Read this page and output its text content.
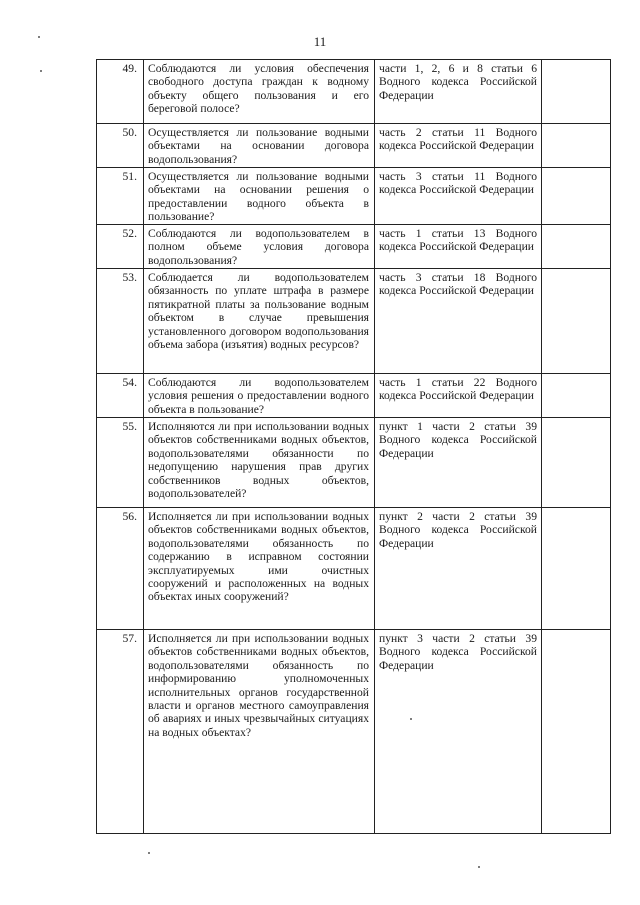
11
49. Соблюдаются ли условия обеспечения свободного доступа граждан к водному объекту общего пользования и его береговой полосе?
части 1, 2, 6 и 8 статьи 6 Водного кодекса Российской Федерации
50. Осуществляется ли пользование водными объектами на основании договора водопользования?
часть 2 статьи 11 Водного кодекса Российской Федерации
51. Осуществляется ли пользование водными объектами на основании решения о предоставлении водного объекта в пользование?
часть 3 статьи 11 Водного кодекса Российской Федерации
52. Соблюдаются ли водопользователем в полном объеме условия договора водопользования?
часть 1 статьи 13 Водного кодекса Российской Федерации
53. Соблюдается ли водопользователем обязанность по уплате штрафа в размере пятикратной платы за пользование водным объектом в случае превышения установленного договором водопользования объема забора (изъятия) водных ресурсов?
часть 3 статьи 18 Водного кодекса Российской Федерации
54. Соблюдаются ли водопользователем условия решения о предоставлении водного объекта в пользование?
часть 1 статьи 22 Водного кодекса Российской Федерации
55. Исполняются ли при использовании водных объектов собственниками водных объектов, водопользователями обязанности по недопущению нарушения прав других собственников водных объектов, водопользователей?
пункт 1 части 2 статьи 39 Водного кодекса Российской Федерации
56. Исполняется ли при использовании водных объектов собственниками водных объектов, водопользователями обязанность по содержанию в исправном состоянии эксплуатируемых ими очистных сооружений и расположенных на водных объектах иных сооружений?
пункт 2 части 2 статьи 39 Водного кодекса Российской Федерации
57. Исполняется ли при использовании водных объектов собственниками водных объектов, водопользователями обязанность по информированию уполномоченных исполнительных органов государственной власти и органов местного самоуправления об авариях и иных чрезвычайных ситуациях на водных объектах?
пункт 3 части 2 статьи 39 Водного кодекса Российской Федерации
